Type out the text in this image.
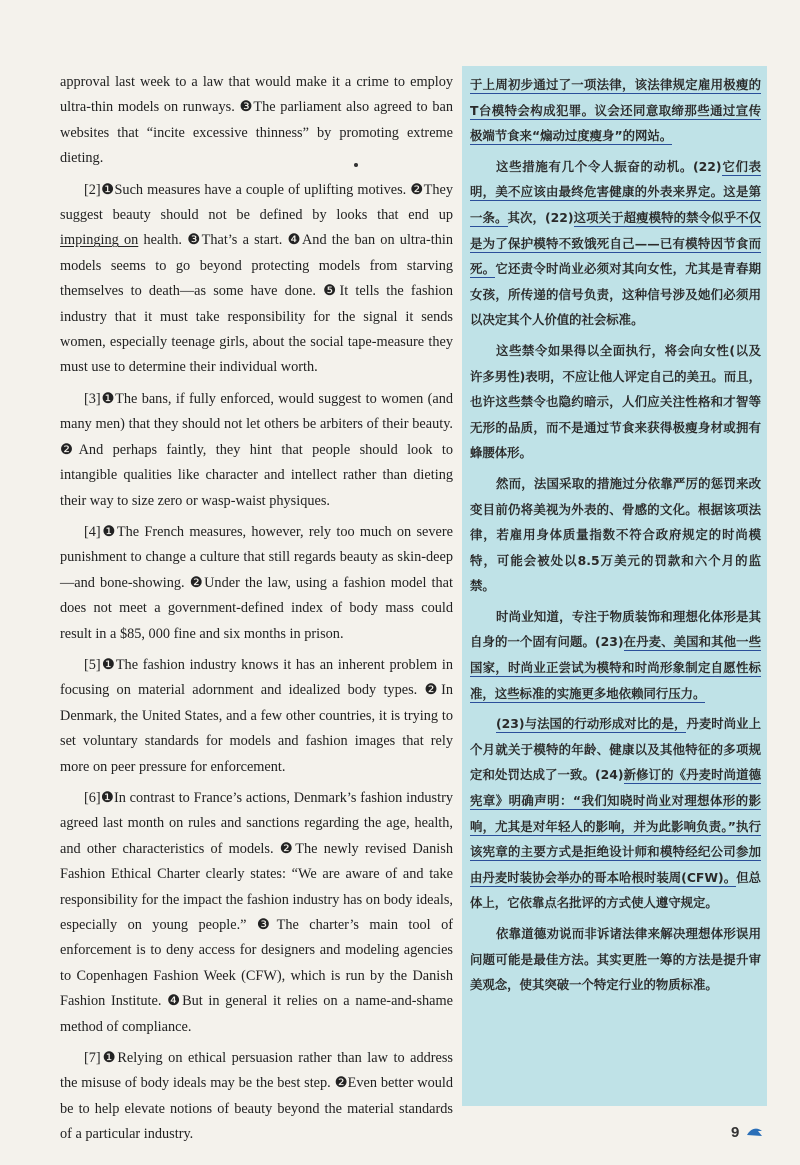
approval last week to a law that would make it a crime to employ ultra-thin models on runways. ❸The parliament also agreed to ban websites that “incite excessive thinness” by promoting extreme dieting.

[2]❶Such measures have a couple of uplifting motives. ❷They suggest beauty should not be defined by looks that end up impinging on health. ❸That’s a start. ❹And the ban on ultra-thin models seems to go beyond protecting models from starving themselves to death—as some have done. ❺It tells the fashion industry that it must take responsibility for the signal it sends women, especially teenage girls, about the social tape-measure they must use to determine their individual worth.

[3]❶The bans, if fully enforced, would suggest to women (and many men) that they should not let others be arbiters of their beauty. ❷And perhaps faintly, they hint that people should look to intangible qualities like character and intellect rather than dieting their way to size zero or wasp-waist physiques.

[4]❶The French measures, however, rely too much on severe punishment to change a culture that still regards beauty as skin-deep—and bone-showing. ❷Under the law, using a fashion model that does not meet a government-defined index of body mass could result in a $85, 000 fine and six months in prison.

[5]❶The fashion industry knows it has an inherent problem in focusing on material adornment and idealized body types. ❷In Denmark, the United States, and a few other countries, it is trying to set voluntary standards for models and fashion images that rely more on peer pressure for enforcement.

[6]❶In contrast to France’s actions, Denmark’s fashion industry agreed last month on rules and sanctions regarding the age, health, and other characteristics of models. ❷The newly revised Danish Fashion Ethical Charter clearly states: “We are aware of and take responsibility for the impact the fashion industry has on body ideals, especially on young people.” ❸The charter’s main tool of enforcement is to deny access for designers and modeling agencies to Copenhagen Fashion Week (CFW), which is run by the Danish Fashion Institute. ❹But in general it relies on a name-and-shame method of compliance.

[7]❶Relying on ethical persuasion rather than law to address the misuse of body ideals may be the best step. ❷Even better would be to help elevate notions of beauty beyond the material standards of a particular industry.

于上周初步通过了一项法律，该法律规定雇用极瘦的T台模特会构成犯罪。议会还同意取缔那些通过宣传极端节食来“煽动过度瘦身”的网站。

这些措施有几个令人振奋的动机。(22)它们表明，美不应该由最终危害健康的外表来界定。这是第一条。其次，(22)这项关于超瘦模特的禁令似乎不仅是为了保护模特不致饿死自己——已有模特因节食而死。它还责令时尚业必须对其向女性，尤其是青春期女孩，所传递的信号负责，这种信号涉及她们必须用以决定其个人价值的社会标准。

这些禁令如果得以全面执行，将会向女性(以及许多男性)表明，不应让他人评定自己的美丑。而且，也许这些禁令也隐约暗示，人们应关注性格和才智等无形的品质，而不是通过节食来获得极瘦身材或拥有蜂腰体形。

然而，法国采取的措施过分依靠严厉的惩罚来改变目前仍将美视为外表的、骨感的文化。根据该项法律，若雇用身体质量指数不符合政府规定的时尚模特，可能会被处以8.5万美元的罚款和六个月的监禁。

时尚业知道，专注于物质装饰和理想化体形是其自身的一个固有问题。(23)在丹麦、美国和其他一些国家，时尚业正尝试为模特和时尚形象制定自愿性标准，这些标准的实施更多地依赖同行压力。

(23)与法国的行动形成对比的是，丹麦时尚业上个月就关于模特的年龄、健康以及其他特征的多项规定和处罚达成了一致。(24)新修订的《丹麦时尚道德宪章》明确声明：“我们知晓时尚业对理想体形的影响，尤其是对年轻人的影响，并为此影响负责。”执行该宪章的主要方式是拒绝设计师和模特经纪公司参加由丹麦时装协会举办的哥本哈根时装周(CFW)。但总体上，它依靠点名批评的方式使人遵守规定。

依靠道德劝说而非诉诸法律来解决理想体形误用问题可能是最佳方法。其实更胜一筹的方法是提升审美观念，使其突破一个特定行业的物质标准。

9
